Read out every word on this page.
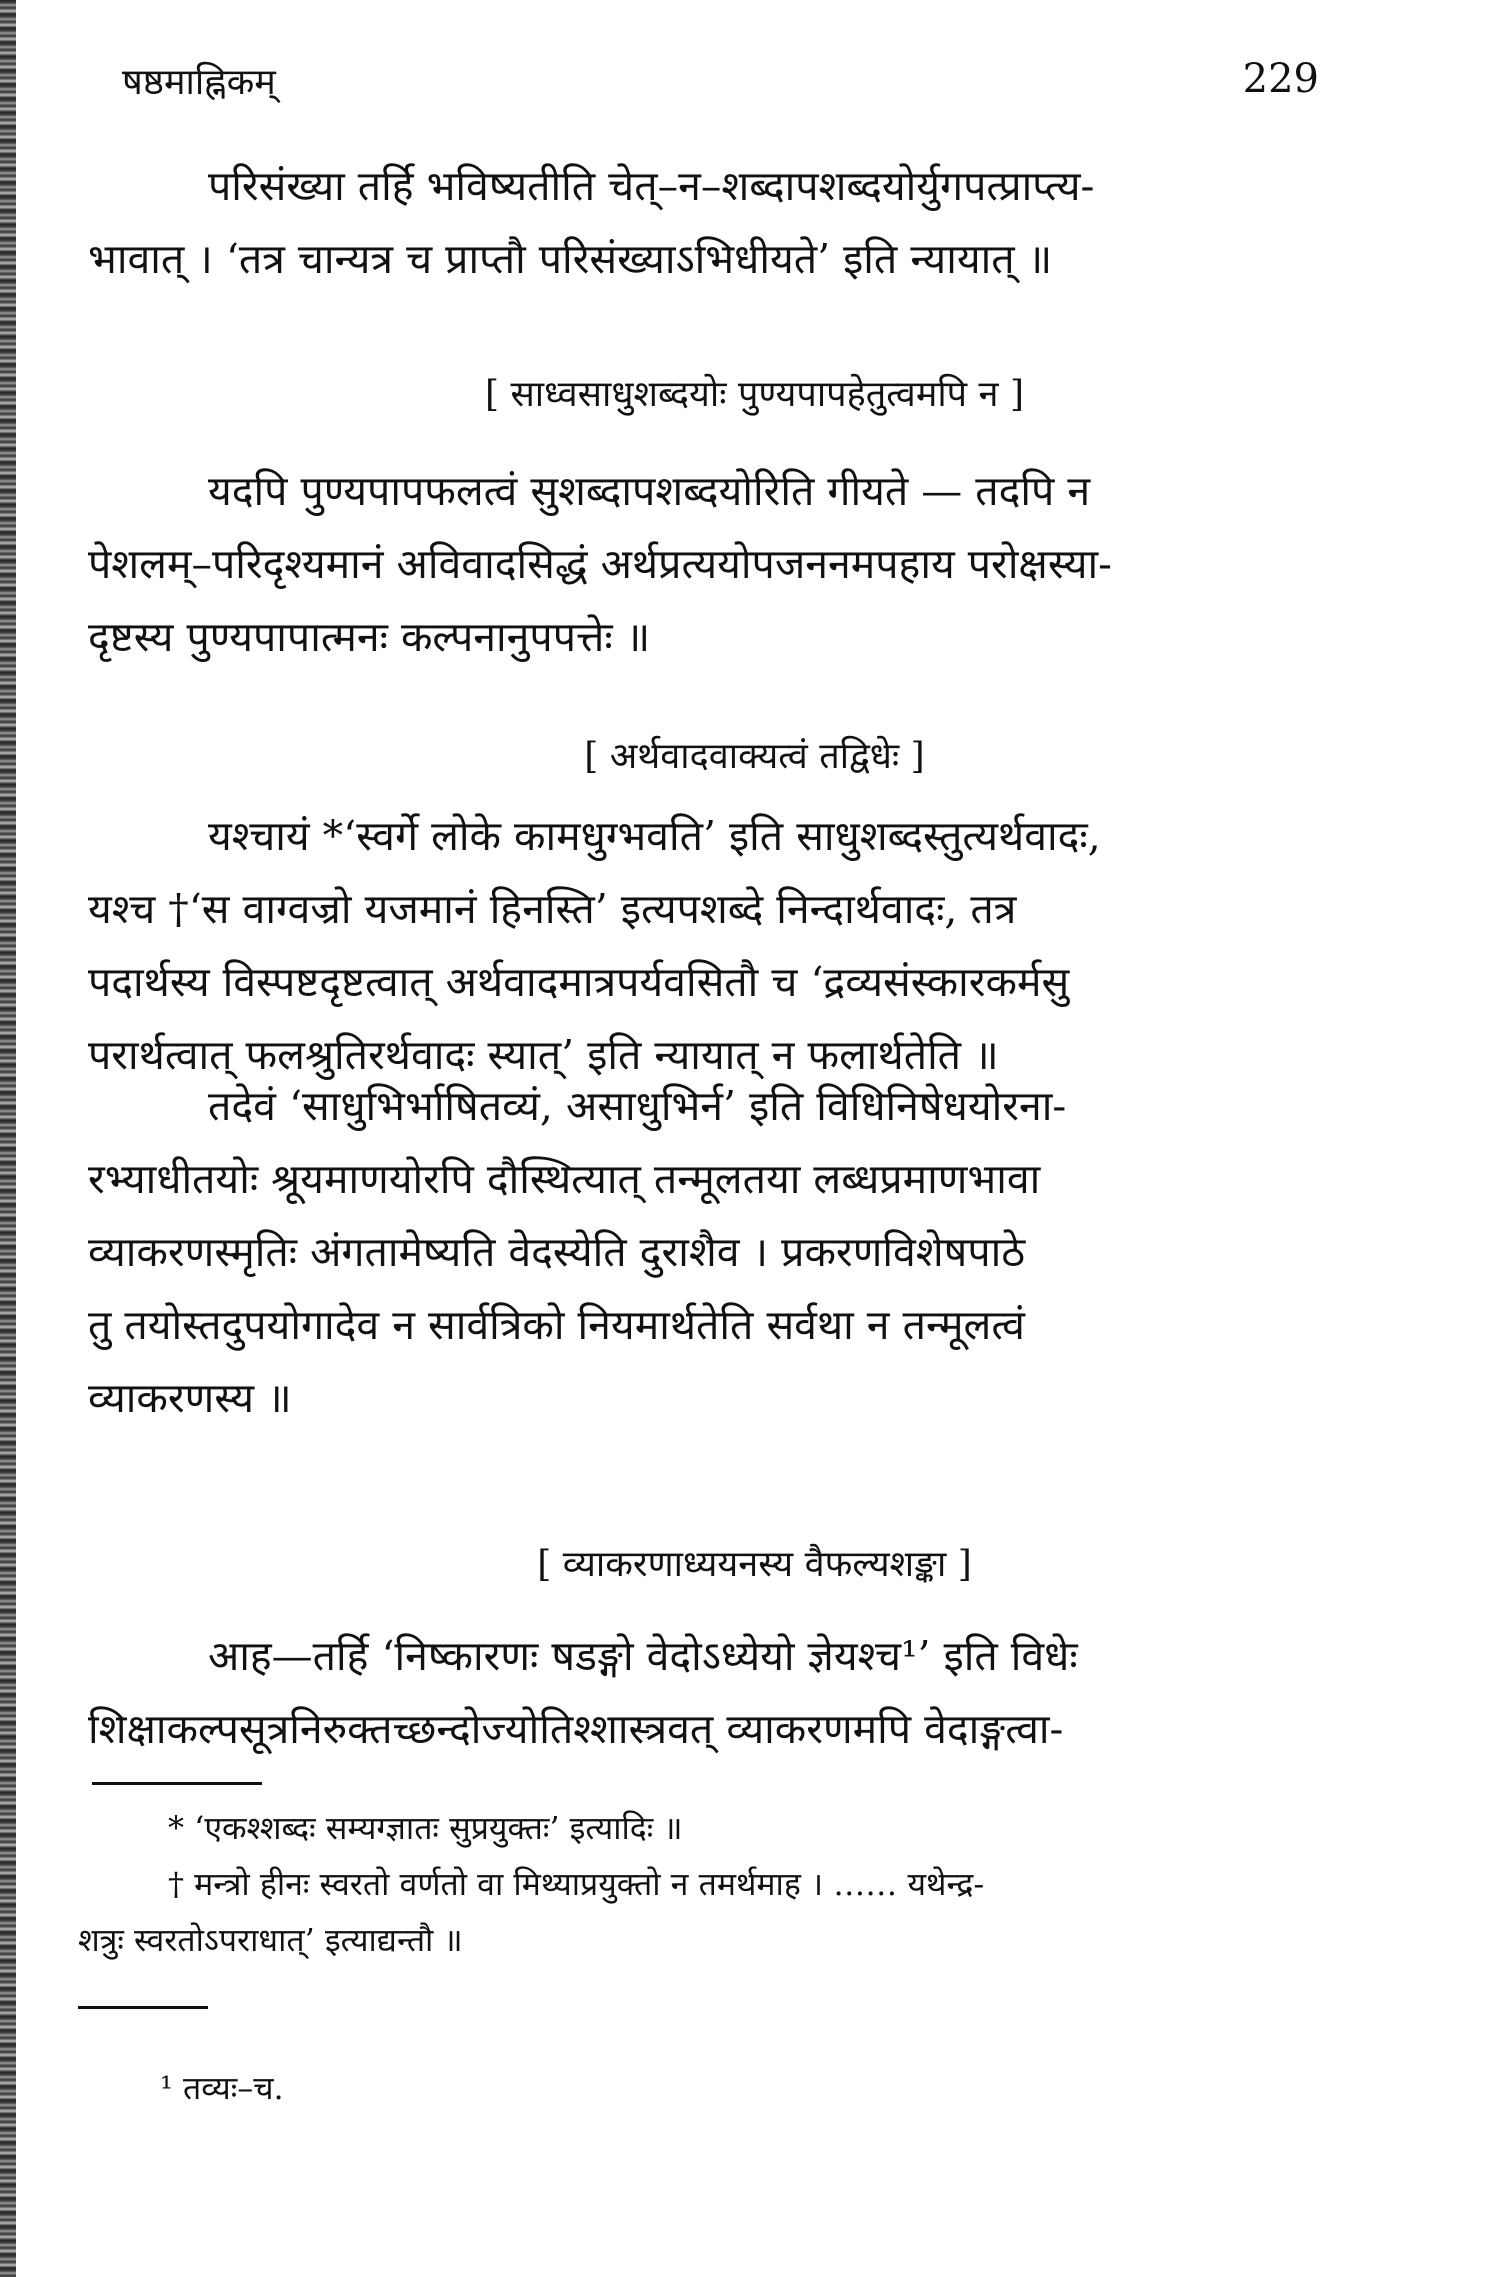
षष्ठमाह्निकम्	229
परिसंख्या तर्हि भविष्यतीति चेत्–न–शब्दापशब्दयोर्युगपत्प्राप्त्य-
भावात् । ‘तत्र चान्यत्र च प्राप्तौ परिसंख्याऽभिधीयते’ इति न्यायात् ॥
[ साध्वसाधुशब्दयोः पुण्यपापहेतुत्वमपि न ]
यदपि पुण्यपापफलत्वं सुशब्दापशब्दयोरिति गीयते — तदपि न
पेशलम्–परिदृश्यमानं अविवादसिद्धं अर्थप्रत्ययोपजननमपहाय परोक्षस्या-
दृष्टस्य पुण्यपापात्मनः कल्पनानुपपत्तेः ॥
[ अर्थवादवाक्यत्वं तद्विधेः ]
यश्चायं *‘स्वर्गे लोके कामधुग्भवति’ इति साधुशब्दस्तुत्यर्थवादः,
यश्च †‘स वाग्वज्रो यजमानं हिनस्ति’ इत्यपशब्दे निन्दार्थवादः, तत्र
पदार्थस्य विस्पष्टदृष्टत्वात् अर्थवादमात्रपर्यवसितौ च ‘द्रव्यसंस्कारकर्मसु
परार्थत्वात् फलश्रुतिरर्थवादः स्यात्’ इति न्यायात् न फलार्थतेति ॥
तदेवं ‘साधुभिर्भाषितव्यं, असाधुभिर्न’ इति विधिनिषेधयोरना-
रभ्याधीतयोः श्रूयमाणयोरपि दौस्थित्यात् तन्मूलतया लब्धप्रमाणभावा
व्याकरणस्मृतिः अंगतामेष्यति वेदस्येति दुराशैव । प्रकरणविशेषपाठे
तु तयोस्तदुपयोगादेव न सार्वत्रिको नियमार्थतेति सर्वथा न तन्मूलत्वं
व्याकरणस्य ॥
[ व्याकरणाध्ययनस्य वैफल्यशङ्का ]
आह—तर्हि ‘निष्कारणः षडङ्गो वेदोऽध्येयो ज्ञेयश्च¹’ इति विधेः
शिक्षाकल्पसूत्रनिरुक्तच्छन्दोज्योतिश्शास्त्रवत् व्याकरणमपि वेदाङ्गत्वा-
* ‘एकश्शब्दः सम्यग्ज्ञातः सुप्रयुक्तः’ इत्यादिः ॥
† मन्त्रो हीनः स्वरतो वर्णतो वा मिथ्याप्रयुक्तो न तमर्थमाह । …… यथेन्द्र-
शत्रुः स्वरतोऽपराधात्’ इत्याद्यन्तौ ॥
¹ तव्यः–च.
